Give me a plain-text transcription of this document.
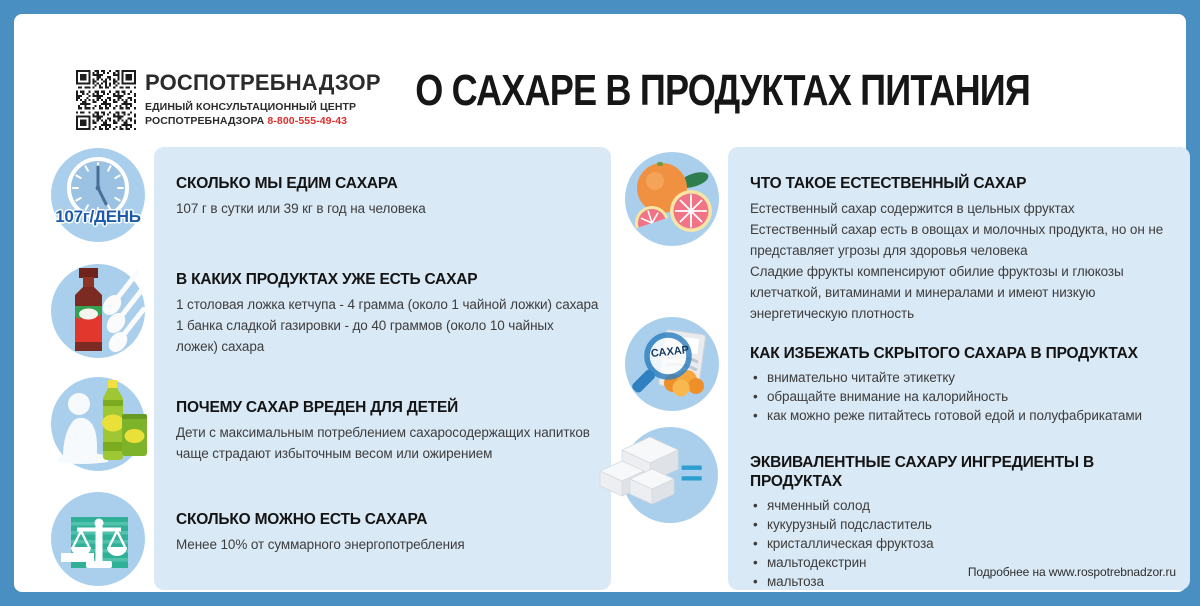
РОСПОТРЕБНАДЗОР
ЕДИНЫЙ КОНСУЛЬТАЦИОННЫЙ ЦЕНТР
РОСПОТРЕБНАДЗОРА 8-800-555-49-43
О САХАРЕ В ПРОДУКТАХ ПИТАНИЯ
107г/ДЕНЬ
СКОЛЬКО МЫ ЕДИМ САХАРА
107 г в сутки или 39 кг в год на человека
В КАКИХ ПРОДУКТАХ УЖЕ ЕСТЬ САХАР
1 столовая ложка кетчупа - 4 грамма (около 1 чайной ложки) сахара
1 банка сладкой газировки - до 40 граммов (около 10 чайных ложек) сахара
ПОЧЕМУ САХАР ВРЕДЕН ДЛЯ ДЕТЕЙ
Дети с максимальным потреблением сахаросодержащих напитков чаще страдают избыточным весом или ожирением
СКОЛЬКО МОЖНО ЕСТЬ САХАРА
Менее 10% от суммарного энергопотребления
САХАР
=
ЧТО ТАКОЕ ЕСТЕСТВЕННЫЙ САХАР
Естественный сахар содержится в цельных фруктах
Естественный сахар есть в овощах и молочных продукта, но он не представляет угрозы для здоровья человека
Сладкие фрукты компенсируют обилие фруктозы и глюкозы клетчаткой, витаминами и минералами и имеют низкую энергетическую плотность
КАК ИЗБЕЖАТЬ СКРЫТОГО САХАРА В ПРОДУКТАХ
• внимательно читайте этикетку
• обращайте внимание на калорийность
• как можно реже питайтесь готовой едой и полуфабрикатами
ЭКВИВАЛЕНТНЫЕ САХАРУ ИНГРЕДИЕНТЫ В ПРОДУКТАХ
• ячменный солод
• кукурузный подсластитель
• кристаллическая фруктоза
• мальтодекстрин
• мальтоза
Подробнее на www.rospotrebnadzor.ru
